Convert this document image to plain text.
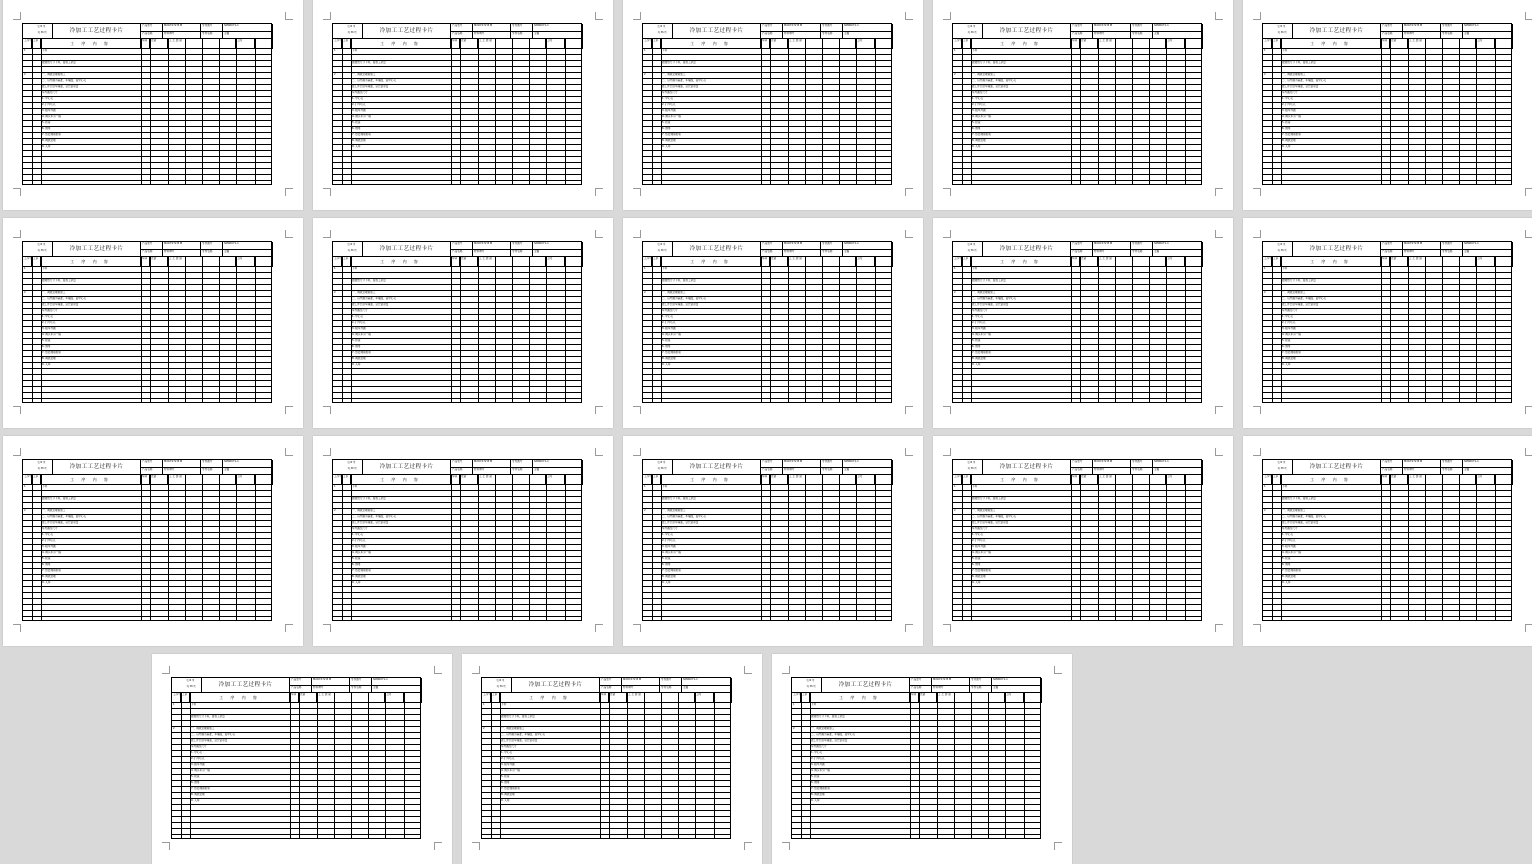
第 N 页
共 36 页	冷加工工艺过程卡片
产品型号	MXO7272 B M	零件图号	SM00071-1
产品名称	材料牌号	零件名称	主轴
工序号 工步
工 序 内 容
车间 设备	工 艺 装 备	工时
1	下料
按图纸尺寸下料，留加工余量
2	一、调质处理前加工
二、以外圆为基准，车端面，钻中心孔
按工件长度车端面，总长留余量
车外圆至尺寸
1. 中心孔
2. 打中心孔
3. 粗车外圆
4. 调头车另一端
5. 检查
6. 倒角
7. 热处理前检验
8. 调质处理
9. 入库
第 N 页
共 36 页	冷加工工艺过程卡片
产品型号	MXO7272 B M	零件图号	SM00071-1
产品名称	材料牌号	零件名称	主轴
工序号 工步
工 序 内 容
车间 设备	工 艺 装 备	工时
1	下料
按图纸尺寸下料，留加工余量
2	一、调质处理前加工
二、以外圆为基准，车端面，钻中心孔
按工件长度车端面，总长留余量
车外圆至尺寸
1. 中心孔
2. 打中心孔
3. 粗车外圆
4. 调头车另一端
5. 检查
6. 倒角
7. 热处理前检验
8. 调质处理
9. 入库
第 N 页
共 36 页	冷加工工艺过程卡片
产品型号	MXO7272 B M	零件图号	SM00071-1
产品名称	材料牌号	零件名称	主轴
工序号 工步
工 序 内 容
车间 设备	工 艺 装 备	工时
1	下料
按图纸尺寸下料，留加工余量
2	一、调质处理前加工
二、以外圆为基准，车端面，钻中心孔
按工件长度车端面，总长留余量
车外圆至尺寸
1. 中心孔
2. 打中心孔
3. 粗车外圆
4. 调头车另一端
5. 检查
6. 倒角
7. 热处理前检验
8. 调质处理
9. 入库
第 N 页
共 36 页	冷加工工艺过程卡片
产品型号	MXO7272 B M	零件图号	SM00071-1
产品名称	材料牌号	零件名称	主轴
工序号 工步
工 序 内 容
车间 设备	工 艺 装 备	工时
1	下料
按图纸尺寸下料，留加工余量
2	一、调质处理前加工
二、以外圆为基准，车端面，钻中心孔
按工件长度车端面，总长留余量
车外圆至尺寸
1. 中心孔
2. 打中心孔
3. 粗车外圆
4. 调头车另一端
5. 检查
6. 倒角
7. 热处理前检验
8. 调质处理
9. 入库
第 N 页
共 36 页	冷加工工艺过程卡片
产品型号	MXO7272 B M	零件图号	SM00071-1
产品名称	材料牌号	零件名称	主轴
工序号 工步
工 序 内 容
车间 设备	工 艺 装 备	工时
1	下料
按图纸尺寸下料，留加工余量
2	一、调质处理前加工
二、以外圆为基准，车端面，钻中心孔
按工件长度车端面，总长留余量
车外圆至尺寸
1. 中心孔
2. 打中心孔
3. 粗车外圆
4. 调头车另一端
5. 检查
6. 倒角
7. 热处理前检验
8. 调质处理
9. 入库
第 N 页
共 36 页	冷加工工艺过程卡片
产品型号	MXO7272 B M	零件图号	SM00071-1
产品名称	材料牌号	零件名称	主轴
工序号 工步
工 序 内 容
车间 设备	工 艺 装 备	工时
1	下料
按图纸尺寸下料，留加工余量
2	一、调质处理前加工
二、以外圆为基准，车端面，钻中心孔
按工件长度车端面，总长留余量
车外圆至尺寸
1. 中心孔
2. 打中心孔
3. 粗车外圆
4. 调头车另一端
5. 检查
6. 倒角
7. 热处理前检验
8. 调质处理
9. 入库
第 N 页
共 36 页	冷加工工艺过程卡片
产品型号	MXO7272 B M	零件图号	SM00071-1
产品名称	材料牌号	零件名称	主轴
工序号 工步
工 序 内 容
车间 设备	工 艺 装 备	工时
1	下料
按图纸尺寸下料，留加工余量
2	一、调质处理前加工
二、以外圆为基准，车端面，钻中心孔
按工件长度车端面，总长留余量
车外圆至尺寸
1. 中心孔
2. 打中心孔
3. 粗车外圆
4. 调头车另一端
5. 检查
6. 倒角
7. 热处理前检验
8. 调质处理
9. 入库
第 N 页
共 36 页	冷加工工艺过程卡片
产品型号	MXO7272 B M	零件图号	SM00071-1
产品名称	材料牌号	零件名称	主轴
工序号 工步
工 序 内 容
车间 设备	工 艺 装 备	工时
1	下料
按图纸尺寸下料，留加工余量
2	一、调质处理前加工
二、以外圆为基准，车端面，钻中心孔
按工件长度车端面，总长留余量
车外圆至尺寸
1. 中心孔
2. 打中心孔
3. 粗车外圆
4. 调头车另一端
5. 检查
6. 倒角
7. 热处理前检验
8. 调质处理
9. 入库
第 N 页
共 36 页	冷加工工艺过程卡片
产品型号	MXO7272 B M	零件图号	SM00071-1
产品名称	材料牌号	零件名称	主轴
工序号 工步
工 序 内 容
车间 设备	工 艺 装 备	工时
1	下料
按图纸尺寸下料，留加工余量
2	一、调质处理前加工
二、以外圆为基准，车端面，钻中心孔
按工件长度车端面，总长留余量
车外圆至尺寸
1. 中心孔
2. 打中心孔
3. 粗车外圆
4. 调头车另一端
5. 检查
6. 倒角
7. 热处理前检验
8. 调质处理
9. 入库
第 N 页
共 36 页	冷加工工艺过程卡片
产品型号	MXO7272 B M	零件图号	SM00071-1
产品名称	材料牌号	零件名称	主轴
工序号 工步
工 序 内 容
车间 设备	工 艺 装 备	工时
1	下料
按图纸尺寸下料，留加工余量
2	一、调质处理前加工
二、以外圆为基准，车端面，钻中心孔
按工件长度车端面，总长留余量
车外圆至尺寸
1. 中心孔
2. 打中心孔
3. 粗车外圆
4. 调头车另一端
5. 检查
6. 倒角
7. 热处理前检验
8. 调质处理
9. 入库
第 N 页
共 36 页	冷加工工艺过程卡片
产品型号	MXO7272 B M	零件图号	SM00071-1
产品名称	材料牌号	零件名称	主轴
工序号 工步
工 序 内 容
车间 设备	工 艺 装 备	工时
1	下料
按图纸尺寸下料，留加工余量
2	一、调质处理前加工
二、以外圆为基准，车端面，钻中心孔
按工件长度车端面，总长留余量
车外圆至尺寸
1. 中心孔
2. 打中心孔
3. 粗车外圆
4. 调头车另一端
5. 检查
6. 倒角
7. 热处理前检验
8. 调质处理
9. 入库
第 N 页
共 36 页	冷加工工艺过程卡片
产品型号	MXO7272 B M	零件图号	SM00071-1
产品名称	材料牌号	零件名称	主轴
工序号 工步
工 序 内 容
车间 设备	工 艺 装 备	工时
1	下料
按图纸尺寸下料，留加工余量
2	一、调质处理前加工
二、以外圆为基准，车端面，钻中心孔
按工件长度车端面，总长留余量
车外圆至尺寸
1. 中心孔
2. 打中心孔
3. 粗车外圆
4. 调头车另一端
5. 检查
6. 倒角
7. 热处理前检验
8. 调质处理
9. 入库
第 N 页
共 36 页	冷加工工艺过程卡片
产品型号	MXO7272 B M	零件图号	SM00071-1
产品名称	材料牌号	零件名称	主轴
工序号 工步
工 序 内 容
车间 设备	工 艺 装 备	工时
1	下料
按图纸尺寸下料，留加工余量
2	一、调质处理前加工
二、以外圆为基准，车端面，钻中心孔
按工件长度车端面，总长留余量
车外圆至尺寸
1. 中心孔
2. 打中心孔
3. 粗车外圆
4. 调头车另一端
5. 检查
6. 倒角
7. 热处理前检验
8. 调质处理
9. 入库
第 N 页
共 36 页	冷加工工艺过程卡片
产品型号	MXO7272 B M	零件图号	SM00071-1
产品名称	材料牌号	零件名称	主轴
工序号 工步
工 序 内 容
车间 设备	工 艺 装 备	工时
1	下料
按图纸尺寸下料，留加工余量
2	一、调质处理前加工
二、以外圆为基准，车端面，钻中心孔
按工件长度车端面，总长留余量
车外圆至尺寸
1. 中心孔
2. 打中心孔
3. 粗车外圆
4. 调头车另一端
5. 检查
6. 倒角
7. 热处理前检验
8. 调质处理
9. 入库
第 N 页
共 36 页	冷加工工艺过程卡片
产品型号	MXO7272 B M	零件图号	SM00071-1
产品名称	材料牌号	零件名称	主轴
工序号 工步
工 序 内 容
车间 设备	工 艺 装 备	工时
1	下料
按图纸尺寸下料，留加工余量
2	一、调质处理前加工
二、以外圆为基准，车端面，钻中心孔
按工件长度车端面，总长留余量
车外圆至尺寸
1. 中心孔
2. 打中心孔
3. 粗车外圆
4. 调头车另一端
5. 检查
6. 倒角
7. 热处理前检验
8. 调质处理
9. 入库
第 N 页
共 36 页	冷加工工艺过程卡片
产品型号	MXO7272 B M	零件图号	SM00071-1
产品名称	材料牌号	零件名称	主轴
工序号 工步
工 序 内 容
车间 设备	工 艺 装 备	工时
1	下料
按图纸尺寸下料，留加工余量
2	一、调质处理前加工
二、以外圆为基准，车端面，钻中心孔
按工件长度车端面，总长留余量
车外圆至尺寸
1. 中心孔
2. 打中心孔
3. 粗车外圆
4. 调头车另一端
5. 检查
6. 倒角
7. 热处理前检验
8. 调质处理
9. 入库
第 N 页
共 36 页	冷加工工艺过程卡片
产品型号	MXO7272 B M	零件图号	SM00071-1
产品名称	材料牌号	零件名称	主轴
工序号 工步
工 序 内 容
车间 设备	工 艺 装 备	工时
1	下料
按图纸尺寸下料，留加工余量
2	一、调质处理前加工
二、以外圆为基准，车端面，钻中心孔
按工件长度车端面，总长留余量
车外圆至尺寸
1. 中心孔
2. 打中心孔
3. 粗车外圆
4. 调头车另一端
5. 检查
6. 倒角
7. 热处理前检验
8. 调质处理
9. 入库
第 N 页
共 36 页	冷加工工艺过程卡片
产品型号	MXO7272 B M	零件图号	SM00071-1
产品名称	材料牌号	零件名称	主轴
工序号 工步
工 序 内 容
车间 设备	工 艺 装 备	工时
1	下料
按图纸尺寸下料，留加工余量
2	一、调质处理前加工
二、以外圆为基准，车端面，钻中心孔
按工件长度车端面，总长留余量
车外圆至尺寸
1. 中心孔
2. 打中心孔
3. 粗车外圆
4. 调头车另一端
5. 检查
6. 倒角
7. 热处理前检验
8. 调质处理
9. 入库
